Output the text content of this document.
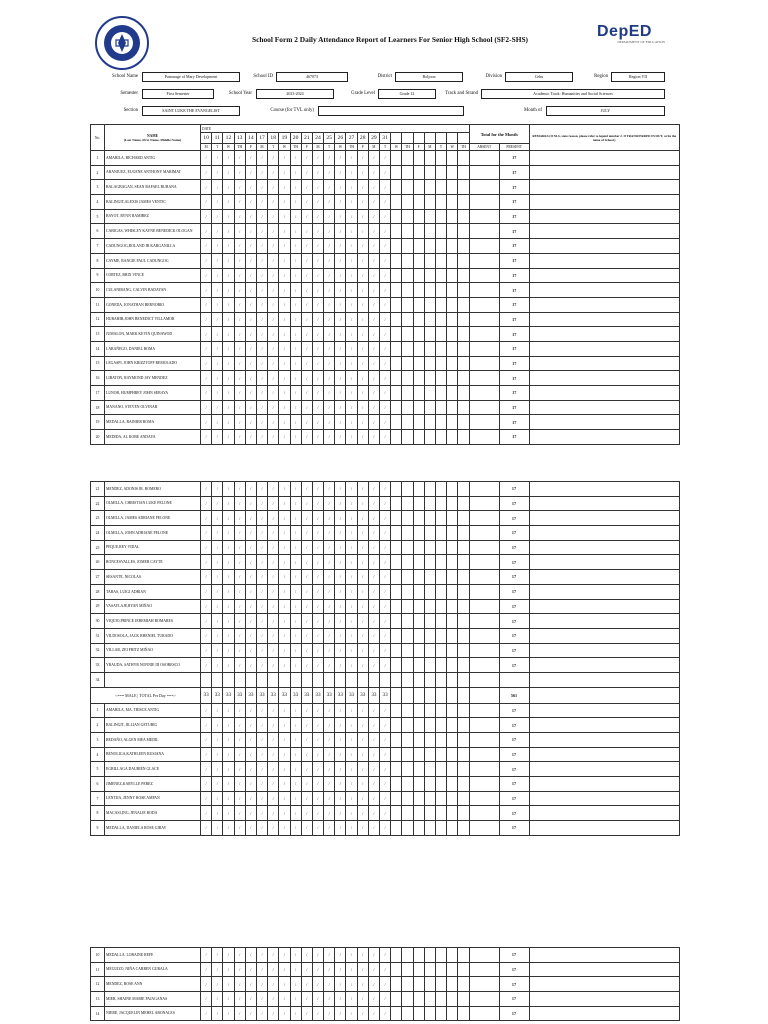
School Form 2 Daily Attendance Report of Learners For Senior High School (SF2-SHS)	DepED
DEPARTMENT OF EDUCATION
School Name	Patronage of Mary Development	School ID	467073	District	Boljoon	Division	Cebu	Region	Region VII
Semester	First Semester	School Year	2023-2024	Grade Level	Grade 12	Track and Strand	Academic Track: Humanities and Social Sciences
Section	SAINT LUKE THE EVANGELIST	Course (for TVL only)	Month of	JULY
No.	NAME
(Last Name, First Name, Middle Name)	DATE																								Total for the Month		REMARKS (If NLS, state reason, please refer to legend number 2. If TRANSFERRED IN/OUT, write the name of School.)
		10	11	12	13	14	17	18	19	20	21	24	25	26	27	28	29	31										
		M	T	W	TH	F	M	T	W	TH	F	M	T	W	TH	F	M	T	W	TH	F	M	T	W	TH	ABSENT	PRESENT	
1	AMARILA, RICHARD ANTIG	/	/	/	/	/	/	/	/	/	/	/	/	/	/	/	/	/									17	
2	ARANJUEZ, EUGENE ANTHONY MARIMAT	/	/	/	/	/	/	/	/	/	/	/	/	/	/	/	/	/									17	
3	BALAGBAGAN, SEAN RAFAEL RUBANA	/	/	/	/	/	/	/	/	/	/	/	/	/	/	/	/	/									17	
4	BALINGIT,ALEXIS JAMES VENTIC	/	/	/	/	/	/	/	/	/	/	/	/	/	/	/	/	/									17	
5	BAYOT, RYNN RAMIREZ	/	/	/	/	/	/	/	/	/	/	/	/	/	/	/	/	/									17	
6	CABIGAS, WHISLEY KAYNE BENEDICK OLOGAN	/	/	/	/	/	/	/	/	/	/	/	/	/	/	/	/	/									17	
7	CADUNGOG,ROLAND JR KARGANILLA	/	/	/	/	/	/	/	/	/	/	/	/	/	/	/	/	/									17	
8	CAYME, RANGIE PAUL CADUNGOG	/	/	/	/	/	/	/	/	/	/	/	/	/	/	/	/	/									17	
9	CORTEZ, BRIX VINCE	/	/	/	/	/	/	/	/	/	/	/	/	/	/	/	/	/									17	
10	CULANIBANG, CALVIN BADAYAN	/	/	/	/	/	/	/	/	/	/	/	/	/	/	/	/	/									17	
11	GONEDA, JONATHAN BERNORIO	/	/	/	/	/	/	/	/	/	/	/	/	/	/	/	/	/									17	
12	HUBAHIB,JOHN BENEDICT VILLAMOR	/	/	/	/	/	/	/	/	/	/	/	/	/	/	/	/	/									17	
13	JUMALON, MARK KEVIN QUINAWOD	/	/	/	/	/	/	/	/	/	/	/	/	/	/	/	/	/									17	
14	LABAÑEGO, DANIEL ROMA	/	/	/	/	/	/	/	/	/	/	/	/	/	/	/	/	/									17	
15	LEGASPI, JOHN KRIZZTOFF REMOLADO	/	/	/	/	/	/	/	/	/	/	/	/	/	/	/	/	/									17	
16	LIBATON, RAYMOND JAY MENDEZ	/	/	/	/	/	/	/	/	/	/	/	/	/	/	/	/	/									17	
17	LUNOR, HUMPHREY JOHN SEBAYA	/	/	/	/	/	/	/	/	/	/	/	/	/	/	/	/	/									17	
18	MANANO, STEVEN OLVINAR	/	/	/	/	/	/	/	/	/	/	/	/	/	/	/	/	/									17	
19	MEDALLA, RAINIER ROMA	/	/	/	/	/	/	/	/	/	/	/	/	/	/	/	/	/									17	
20	MEDIDA, AL KOBE ANDAYA	/	/	/	/	/	/	/	/	/	/	/	/	/	/	/	/	/									17	
21	MENDEZ, ADONIS JR. ROMERO	/	/	/	/	/	/	/	/	/	/	/	/	/	/	/	/	/									17	
22	OLMILLA, CHRISTIAN LUKE PELONE	/	/	/	/	/	/	/	/	/	/	/	/	/	/	/	/	/									17	
23	OLMILLA, JAMES ADRIANE PELONE	/	/	/	/	/	/	/	/	/	/	/	/	/	/	/	/	/									17	
24	OLMILLA, JOHN ADRIANE PELONE	/	/	/	/	/	/	/	/	/	/	/	/	/	/	/	/	/									17	
25	PEQUE,REY VIDAL	/	/	/	/	/	/	/	/	/	/	/	/	/	/	/	/	/									17	
26	RONCESVALLES, JOMER CAYTE	/	/	/	/	/	/	/	/	/	/	/	/	/	/	/	/	/									17	
27	SESANTE, NICOLAS	/	/	/	/	/	/	/	/	/	/	/	/	/	/	/	/	/									17	
28	TABAS, LUIGI ADRIAN	/	/	/	/	/	/	/	/	/	/	/	/	/	/	/	/	/									17	
29	VASAYLAJE,RYAN MIÑAO	/	/	/	/	/	/	/	/	/	/	/	/	/	/	/	/	/									17	
30	VIQUIO,PRINCE JEREMIAH ROMARES	/	/	/	/	/	/	/	/	/	/	/	/	/	/	/	/	/									17	
31	VILDOSOLA, JACK RHENIEL TURADO	/	/	/	/	/	/	/	/	/	/	/	/	/	/	/	/	/									17	
32	VILLAR, ZEI FRITZ MIÑAO	/	/	/	/	/	/	/	/	/	/	/	/	/	/	/	/	/									17	
33	YRAUDA, SATHYR NONNIE III OSORESCO	/	/	/	/	/	/	/	/	/	/	/	/	/	/	/	/	/									17	
34																												
<=== MALE | TOTAL Per Day ===>		33	33	33	33	33	33	33	33	33	33	33	33	33	33	33	33	33									561	
1	AMARILA, MA. TRISCE ANTIG	/	/	/	/	/	/	/	/	/	/	/	/	/	/	/	/	/									17	
2	BALINGIT, JILLIAN GETUBIG	/	/	/	/	/	/	/	/	/	/	/	/	/	/	/	/	/									17	
3	BEDAÑO, ALGEN MEA MEDIL	/	/	/	/	/	/	/	/	/	/	/	/	/	/	/	/	/									17	
4	BENOLIGA,KATHLEEN RUSIANA	/	/	/	/	/	/	/	/	/	/	/	/	/	/	/	/	/									17	
5	EGBILLAGA DAURIEN GLACE	/	/	/	/	/	/	/	/	/	/	/	/	/	/	/	/	/									17	
6	JIMENEZ,KARYLLE PEREZ	/	/	/	/	/	/	/	/	/	/	/	/	/	/	/	/	/									17	
7	LENTIJA, JENNY ROSE AMPAN	/	/	/	/	/	/	/	/	/	/	/	/	/	/	/	/	/									17	
8	MACASLING, JENALIE RODA	/	/	/	/	/	/	/	/	/	/	/	/	/	/	/	/	/									17	
9	MEDALLA, DANIELA ROSE GIRAY	/	/	/	/	/	/	/	/	/	/	/	/	/	/	/	/	/									17	
10	MEDALLA, LORAINE REFE	/	/	/	/	/	/	/	/	/	/	/	/	/	/	/	/	/									17	
11	MEGUIZO, NIÑA CARREN GURALA	/	/	/	/	/	/	/	/	/	/	/	/	/	/	/	/	/									17	
12	MENDEZ, ROSE ANN	/	/	/	/	/	/	/	/	/	/	/	/	/	/	/	/	/									17	
13	MIER, SHAINE MARIE PAJAGANAS	/	/	/	/	/	/	/	/	/	/	/	/	/	/	/	/	/									17	
14	NIERE, JACQUELIN MEHEL ABONALES	/	/	/	/	/	/	/	/	/	/	/	/	/	/	/	/	/									17	
